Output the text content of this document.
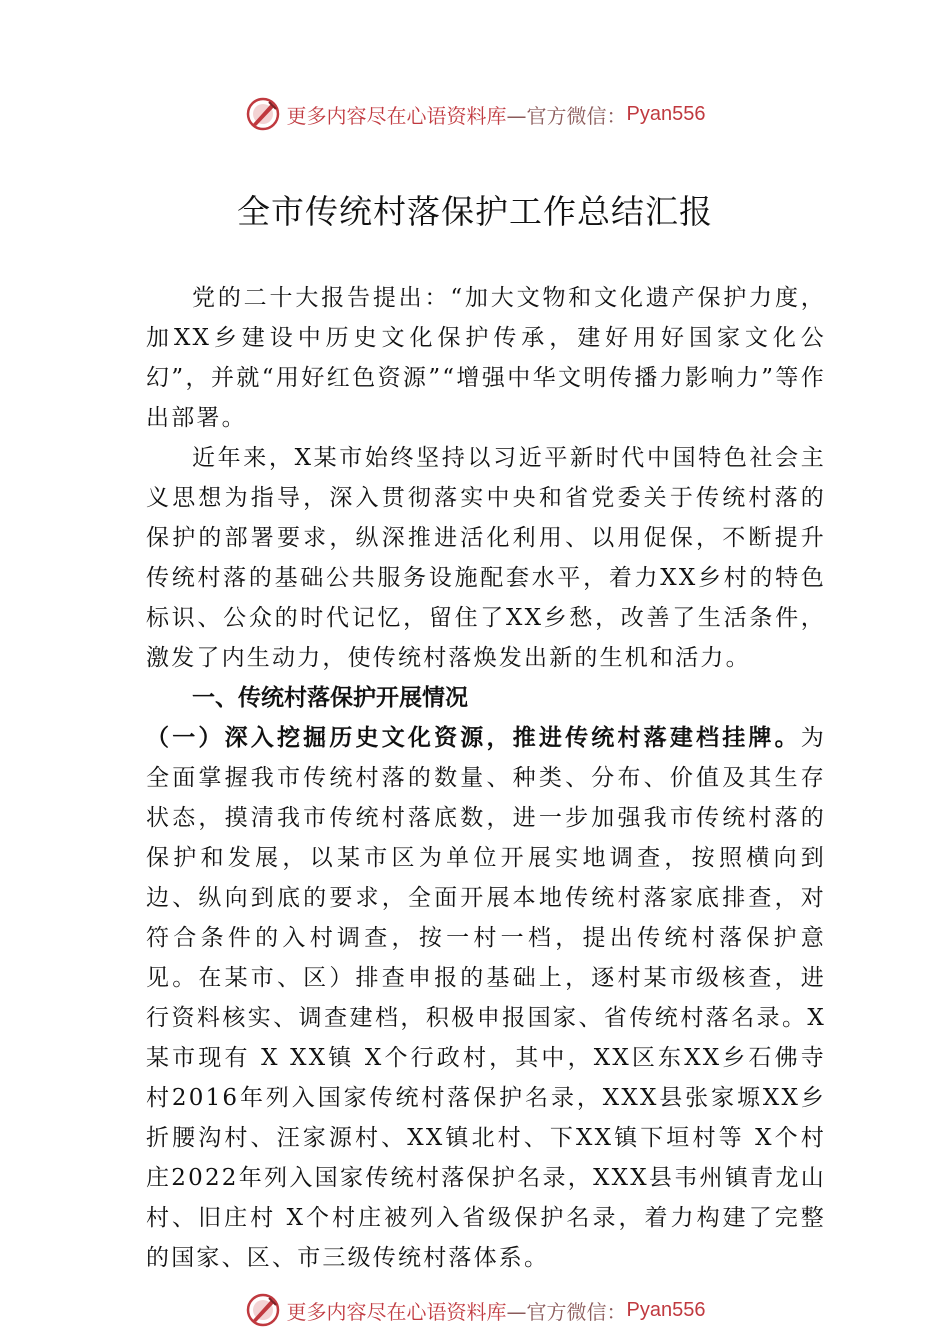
更多内容尽在心语资料库 —官方微信： Pyan556
全市传统村落保护工作总结汇报

党的二十大报告提出：“加大文物和文化遗产保护力度，加XX乡建设中历史文化保护传承，建好用好国家文化公幻”，并就“用好红色资源”“增强中华文明传播力影响力”等作出部署。

近年来，X某市始终坚持以习近平新时代中国特色社会主义思想为指导，深入贯彻落实中央和省党委关于传统村落的保护的部署要求，纵深推进活化利用、以用促保，不断提升传统村落的基础公共服务设施配套水平，着力XX乡村的特色标识、公众的时代记忆，留住了XX乡愁，改善了生活条件，激发了内生动力，使传统村落焕发出新的生机和活力。

一、传统村落保护开展情况

（一）深入挖掘历史文化资源，推进传统村落建档挂牌。为全面掌握我市传统村落的数量、种类、分布、价值及其生存状态，摸清我市传统村落底数，进一步加强我市传统村落的保护和发展，以某市区为单位开展实地调查，按照横向到边、纵向到底的要求，全面开展本地传统村落家底排查，对符合条件的入村调查，按一村一档，提出传统村落保护意见。在某市、区）排查申报的基础上，逐村某市级核查，进行资料核实、调查建档，积极申报国家、省传统村落名录。X某市现有 X XX镇 X个行政村，其中，XX区东XX乡石佛寺村2016年列入国家传统村落保护名录，XXX县张家塬XX乡折腰沟村、汪家源村、XX镇北村、下XX镇下垣村等 X个村庄2022年列入国家传统村落保护名录，XXX县韦州镇青龙山村、旧庄村 X个村庄被列入省级保护名录，着力构建了完整的国家、区、市三级传统村落体系。

更多内容尽在心语资料库 —官方微信： Pyan556
